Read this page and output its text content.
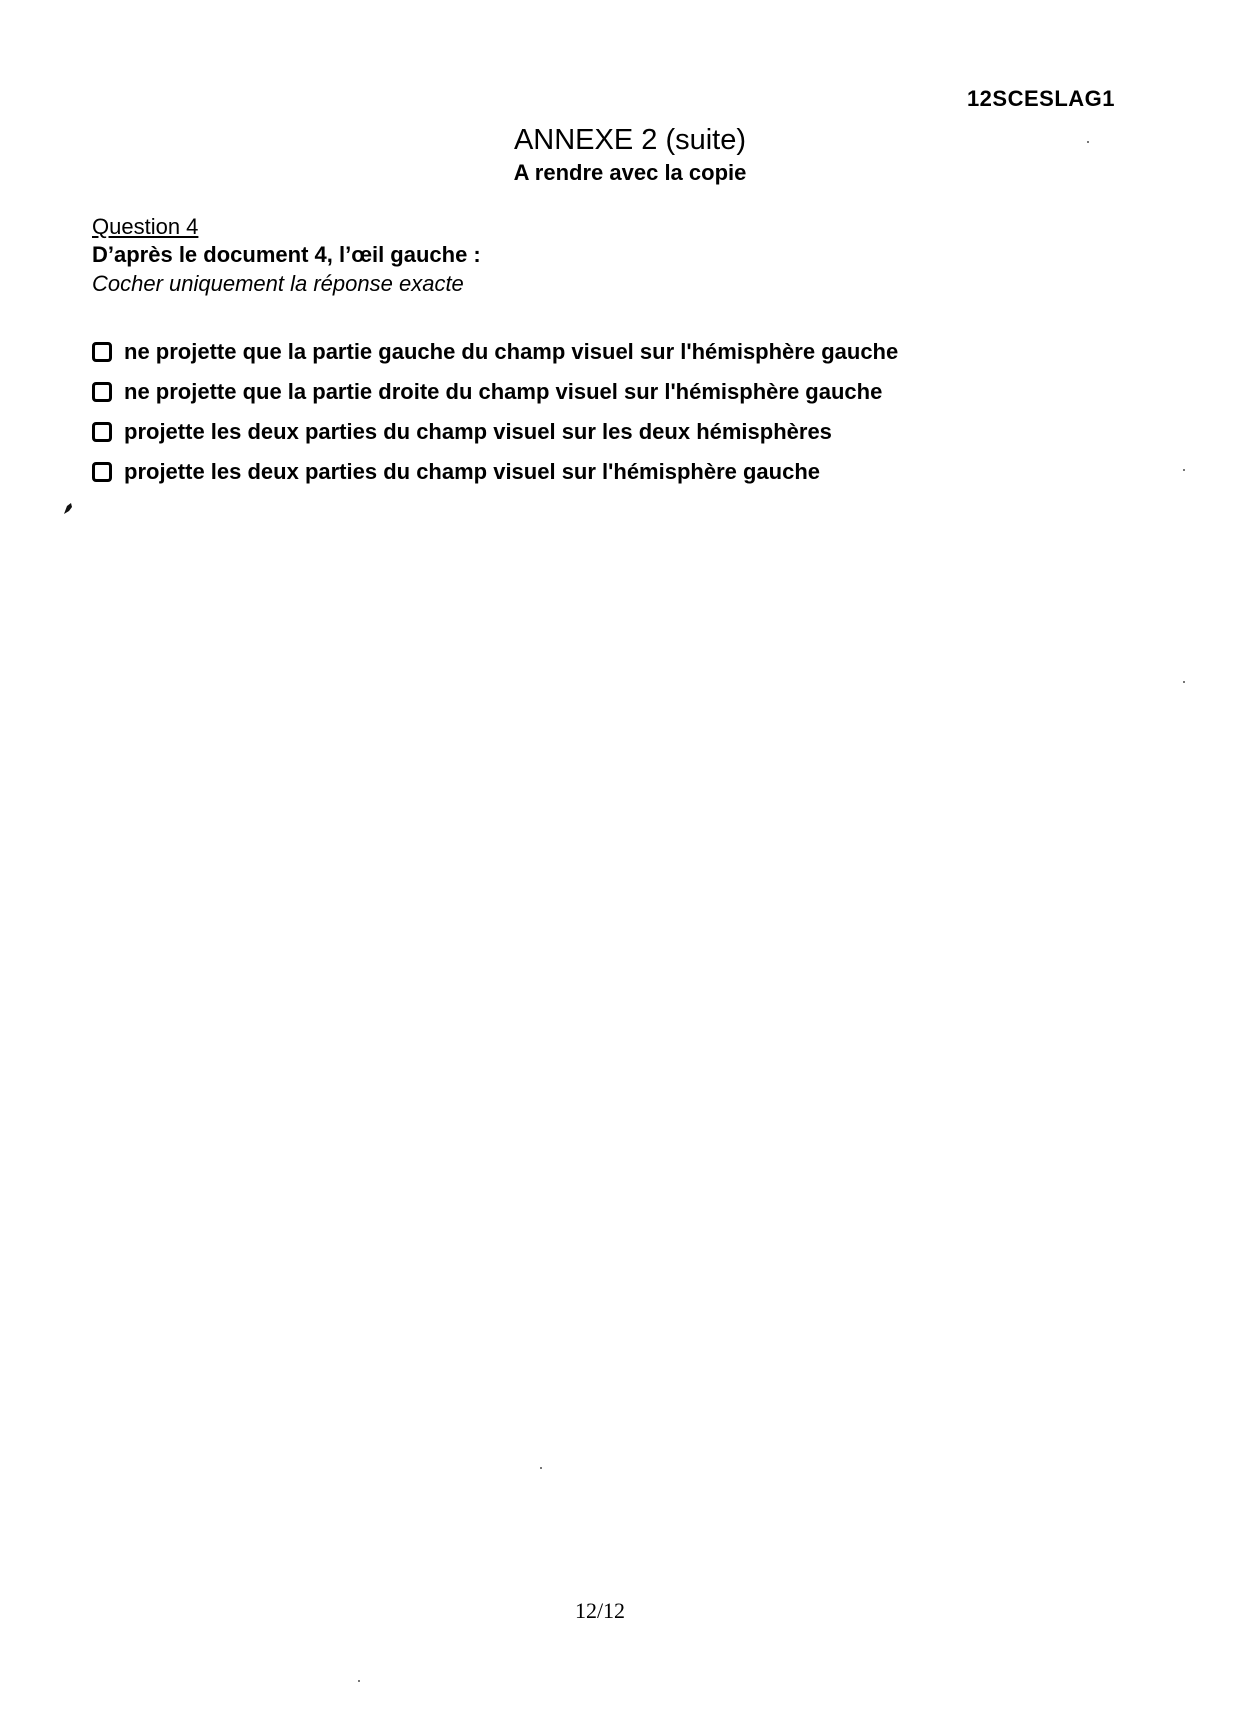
12SCESLAG1
ANNEXE 2 (suite)
A rendre avec la copie
Question 4
D’après le document 4, l’œil gauche :
Cocher uniquement la réponse exacte
ne projette que la partie gauche du champ visuel sur l'hémisphère gauche
ne projette que la partie droite du champ visuel sur l'hémisphère gauche
projette les deux parties du champ visuel sur les deux hémisphères
projette les deux parties du champ visuel sur l'hémisphère gauche
12/12
